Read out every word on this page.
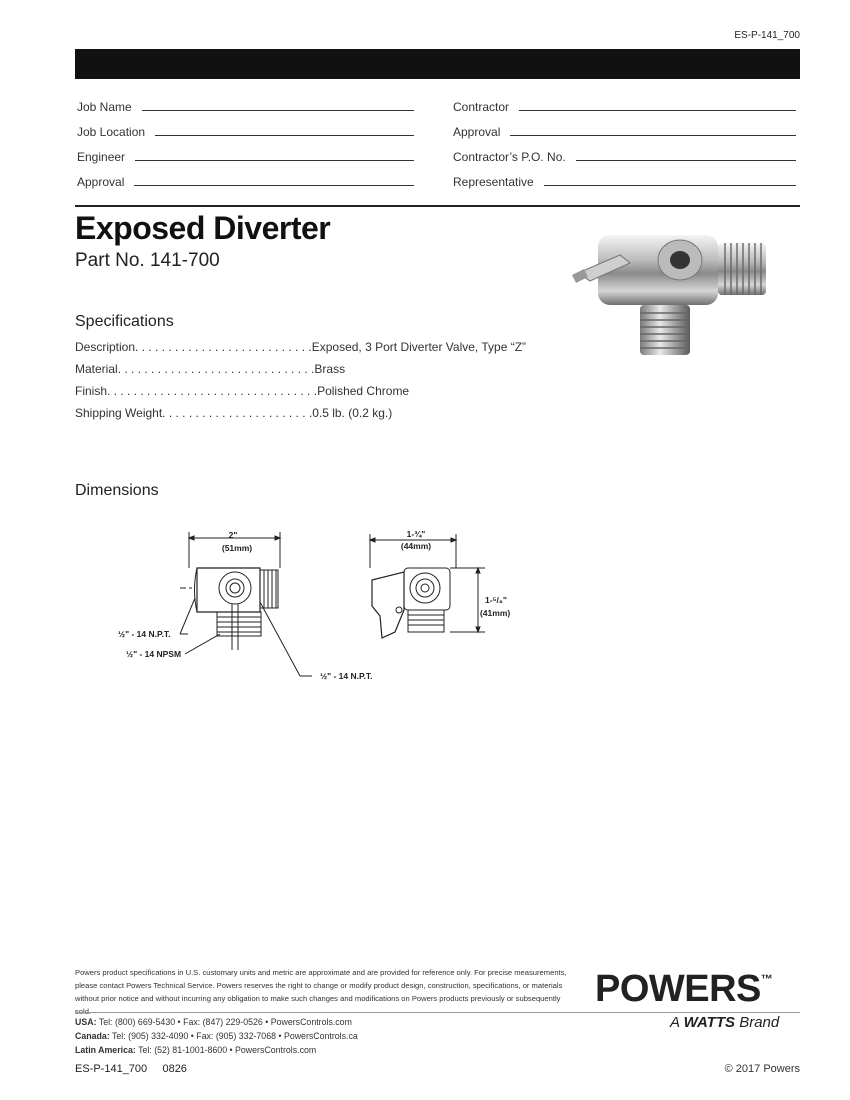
ES-P-141_700
Job Name
Job Location
Engineer
Approval
Contractor
Approval
Contractor’s P.O. No.
Representative
Exposed Diverter
Part No. 141-700
Specifications
Description . . . . . . . . . . . . . . . . . . . . . . . . . . . Exposed, 3 Port Diverter Valve, Type “Z”
Material . . . . . . . . . . . . . . . . . . . . . . . . . . . . . . Brass
Finish . . . . . . . . . . . . . . . . . . . . . . . . . . . . . . . . Polished Chrome
Shipping Weight . . . . . . . . . . . . . . . . . . . . . . . 0.5 lb. (0.2 kg.)
Dimensions
2"
(51mm)
1-¾"
(44mm)
1-⁵/₈"
(41mm)
½" - 14 N.P.T.
½" - 14 NPSM
½" - 14 N.P.T.
Powers product specifications in U.S. customary units and metric are approximate and are provided for reference only. For precise measurements, please contact Powers Technical Service. Powers reserves the right to change or modify product design, construction, specifications, or materials without prior notice and without incurring any obligation to make such changes and modifications on Powers products previously or subsequently POWERS™
A WATTS Brand
USA: Tel: (800) 669-5430 • Fax: (847) 229-0526 • PowersControls.com
Canada: Tel: (905) 332-4090 • Fax: (905) 332-7068 • PowersControls.ca
Latin America: Tel: (52) 81-1001-8600 • PowersControls.com
ES-P-141_700 0826	© 2017 Powers
